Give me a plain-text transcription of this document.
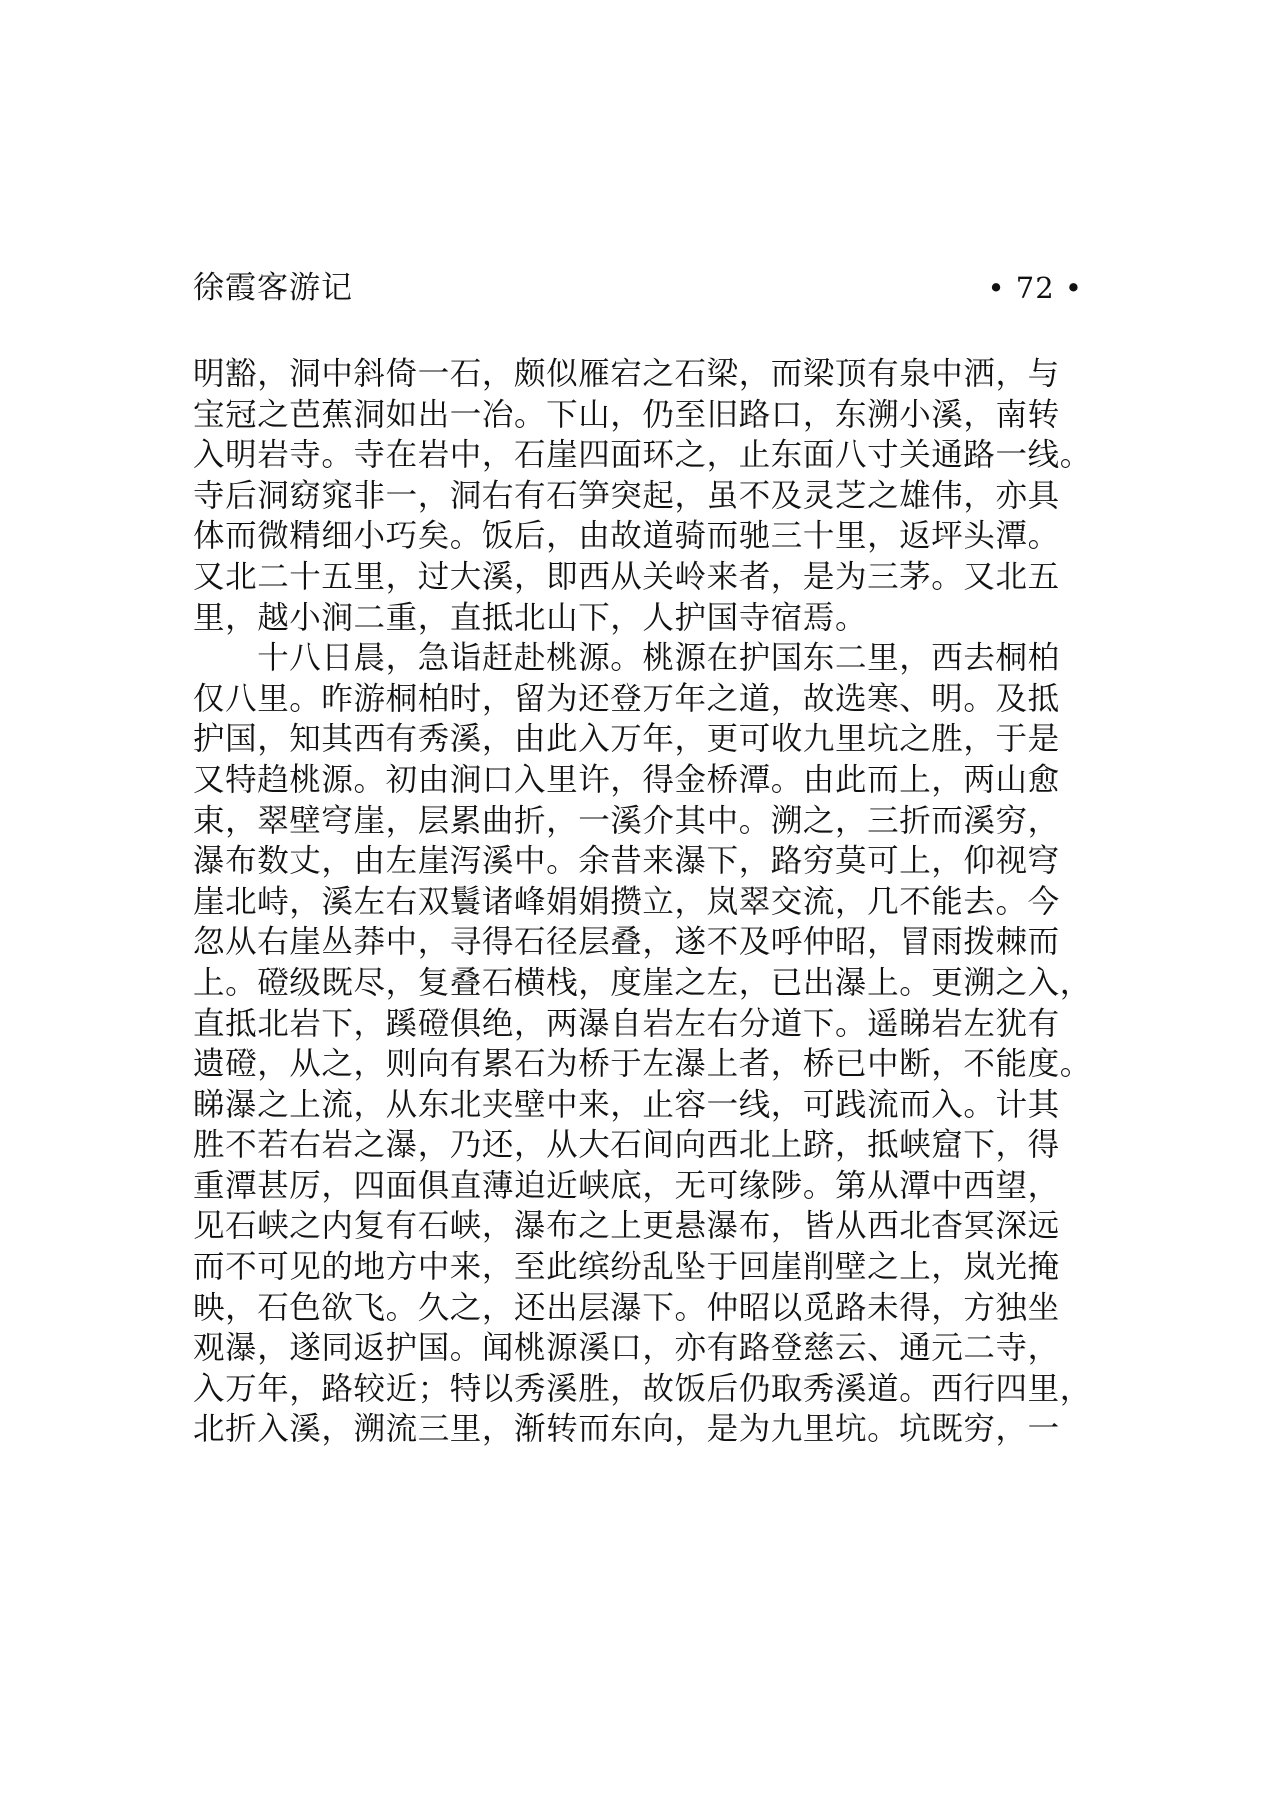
徐霞客游记	• 72 •
明豁，洞中斜倚一石，颇似雁宕之石梁，而梁顶有泉中洒，与
宝冠之芭蕉洞如出一冶。下山，仍至旧路口，东溯小溪，南转
入明岩寺。寺在岩中，石崖四面环之，止东面八寸关通路一线。
寺后洞窈窕非一，洞右有石笋突起，虽不及灵芝之雄伟，亦具
体而微精细小巧矣。饭后，由故道骑而驰三十里，返坪头潭。
又北二十五里，过大溪，即西从关岭来者，是为三茅。又北五
里，越小涧二重，直抵北山下，人护国寺宿焉。
　　十八日晨，急诣赶赴桃源。桃源在护国东二里，西去桐柏
仅八里。昨游桐柏时，留为还登万年之道，故选寒、明。及抵
护国，知其西有秀溪，由此入万年，更可收九里坑之胜，于是
又特趋桃源。初由涧口入里许，得金桥潭。由此而上，两山愈
束，翠壁穹崖，层累曲折，一溪介其中。溯之，三折而溪穷，
瀑布数丈，由左崖泻溪中。余昔来瀑下，路穷莫可上，仰视穹
崖北峙，溪左右双鬟诸峰娟娟攒立，岚翠交流，几不能去。今
忽从右崖丛莽中，寻得石径层叠，遂不及呼仲昭，冒雨拨棘而
上。磴级既尽，复叠石横栈，度崖之左，已出瀑上。更溯之入，
直抵北岩下，蹊磴俱绝，两瀑自岩左右分道下。遥睇岩左犹有
遗磴，从之，则向有累石为桥于左瀑上者，桥已中断，不能度。
睇瀑之上流，从东北夹壁中来，止容一线，可践流而入。计其
胜不若右岩之瀑，乃还，从大石间向西北上跻，抵峡窟下，得
重潭甚厉，四面俱直薄迫近峡底，无可缘陟。第从潭中西望，
见石峡之内复有石峡，瀑布之上更悬瀑布，皆从西北杳冥深远
而不可见的地方中来，至此缤纷乱坠于回崖削壁之上，岚光掩
映，石色欲飞。久之，还出层瀑下。仲昭以觅路未得，方独坐
观瀑，遂同返护国。闻桃源溪口，亦有路登慈云、通元二寺，
入万年，路较近；特以秀溪胜，故饭后仍取秀溪道。西行四里，
北折入溪，溯流三里，渐转而东向，是为九里坑。坑既穷，一
